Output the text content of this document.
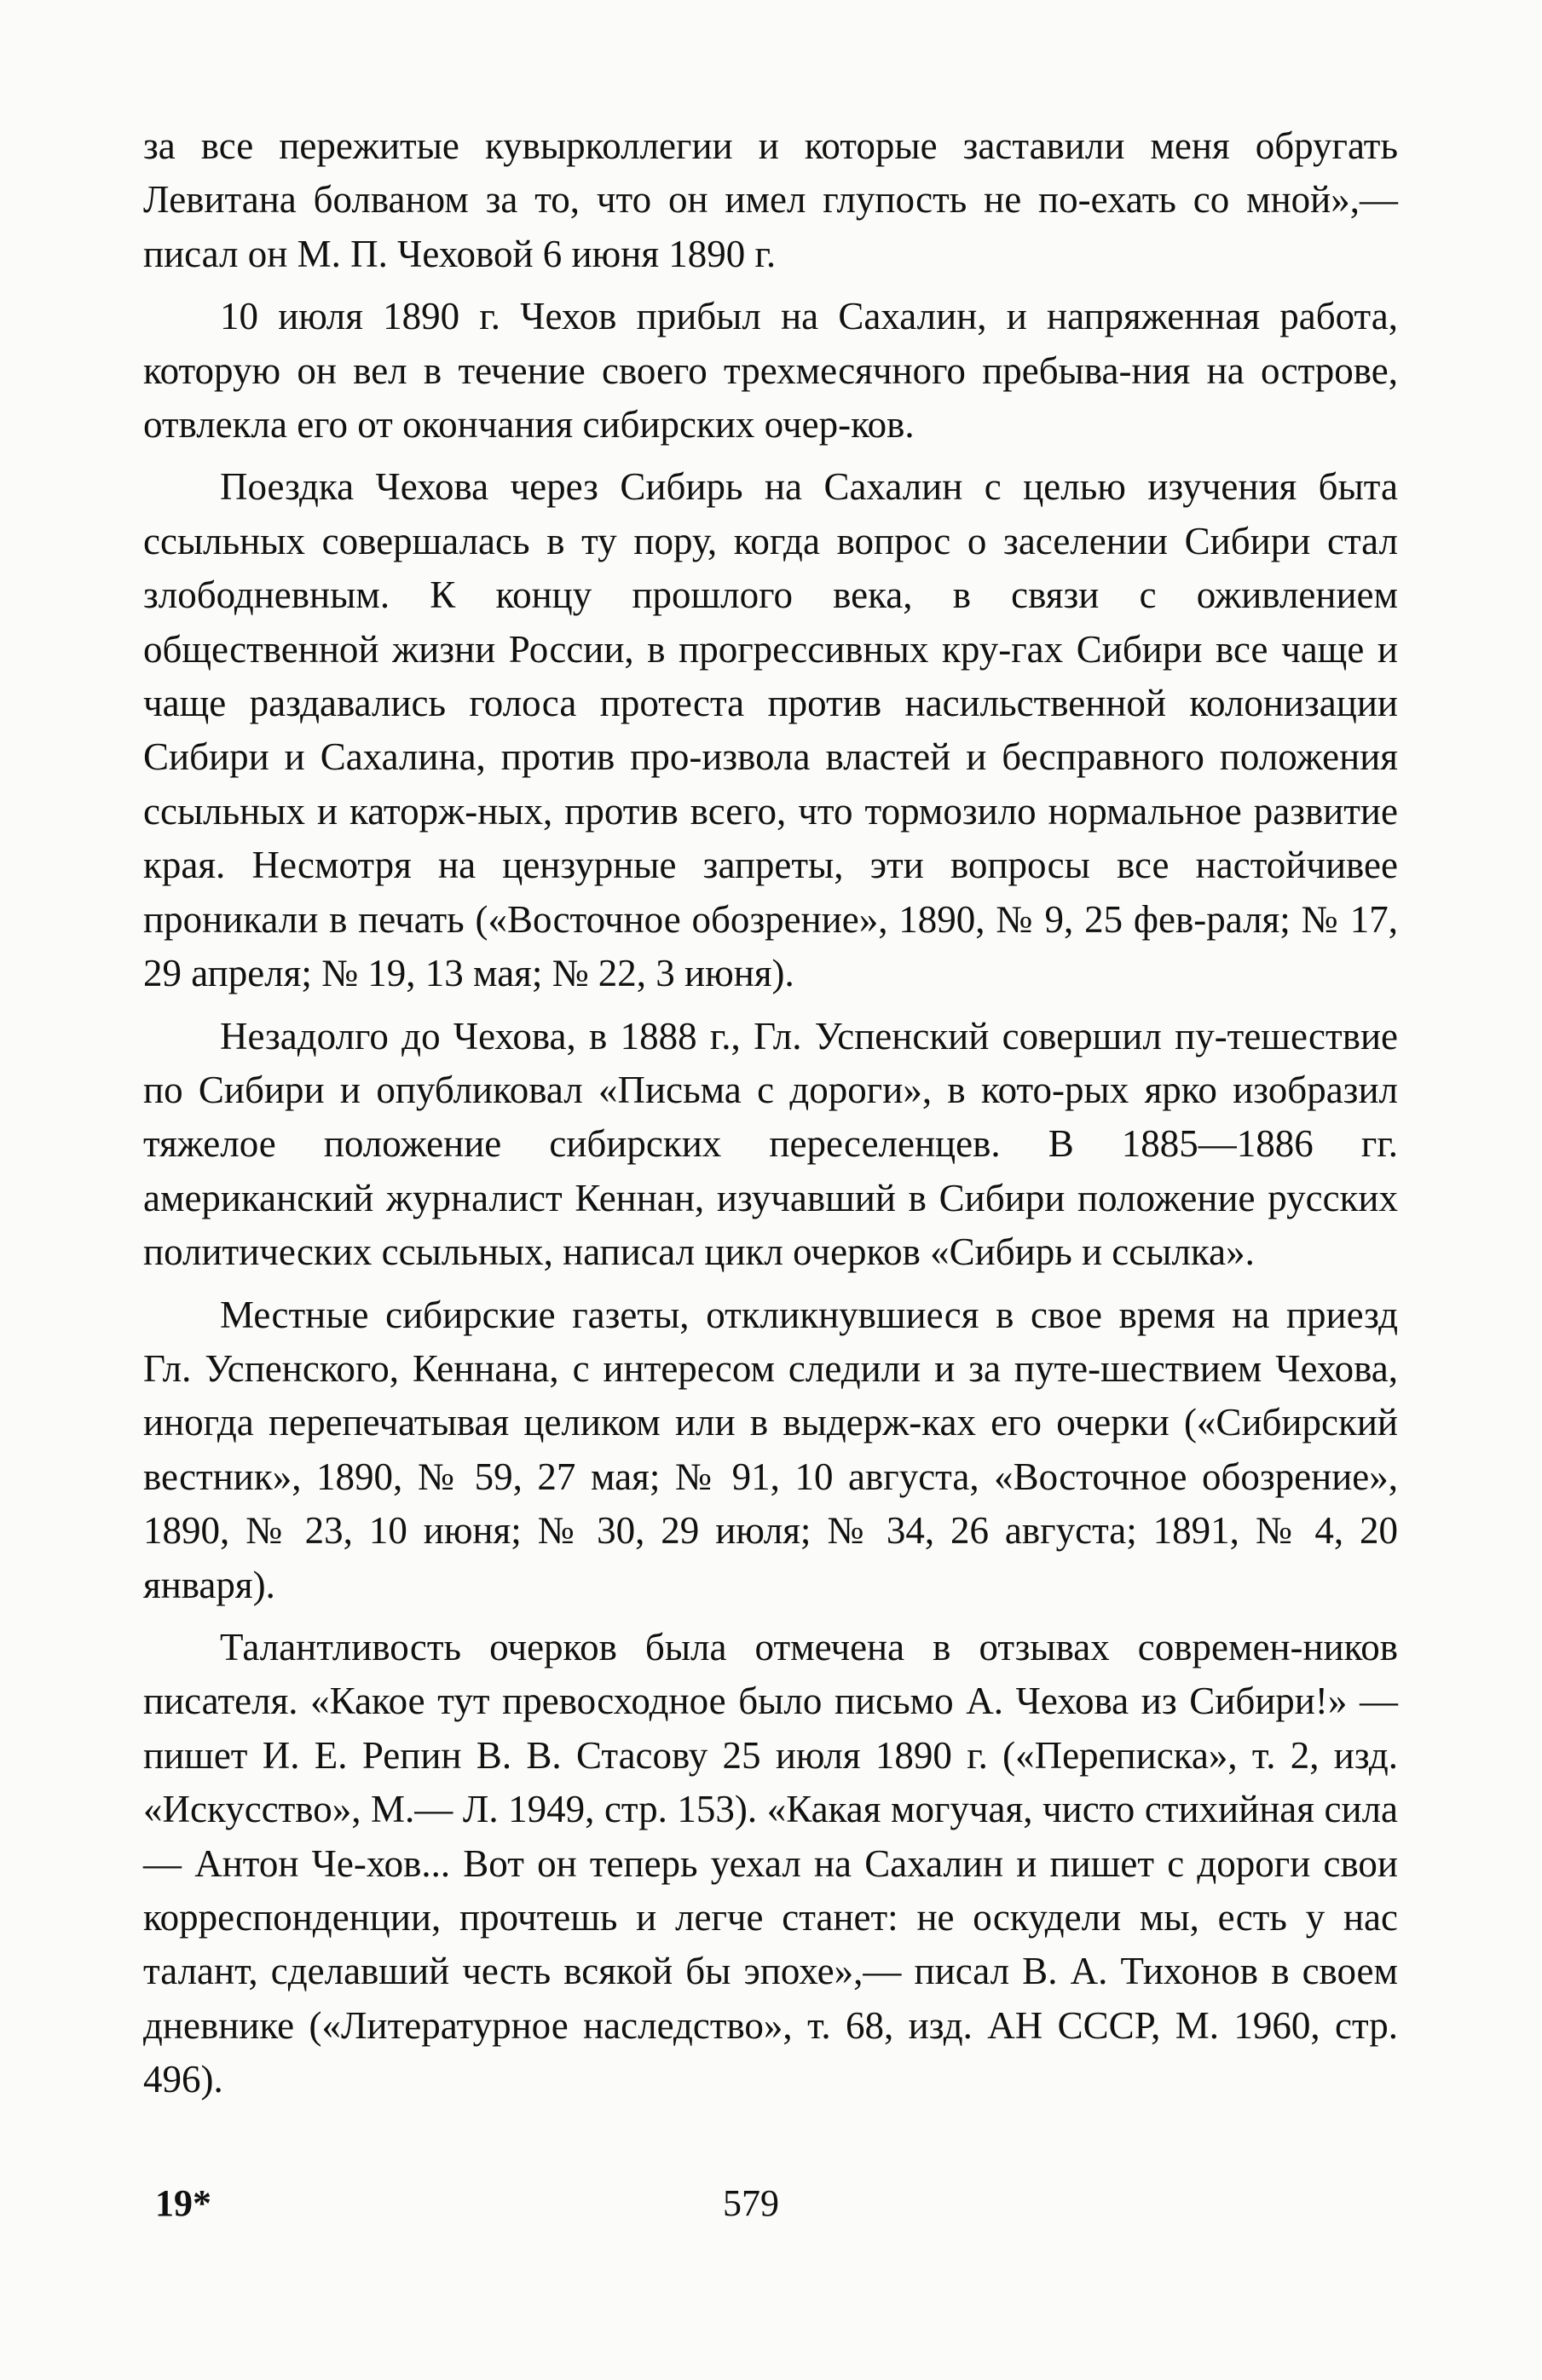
за все пережитые кувырколлегии и которые заставили меня обругать Левитана болваном за то, что он имел глупость не по-ехать со мной»,— писал он М. П. Чеховой 6 июня 1890 г.

10 июля 1890 г. Чехов прибыл на Сахалин, и напряженная работа, которую он вел в течение своего трехмесячного пребыва-ния на острове, отвлекла его от окончания сибирских очер-ков.

Поездка Чехова через Сибирь на Сахалин с целью изучения быта ссыльных совершалась в ту пору, когда вопрос о заселении Сибири стал злободневным. К концу прошлого века, в связи с оживлением общественной жизни России, в прогрессивных кру-гах Сибири все чаще и чаще раздавались голоса протеста против насильственной колонизации Сибири и Сахалина, против про-извола властей и бесправного положения ссыльных и каторж-ных, против всего, что тормозило нормальное развитие края. Несмотря на цензурные запреты, эти вопросы все настойчивее проникали в печать («Восточное обозрение», 1890, № 9, 25 фев-раля; № 17, 29 апреля; № 19, 13 мая; № 22, 3 июня).

Незадолго до Чехова, в 1888 г., Гл. Успенский совершил пу-тешествие по Сибири и опубликовал «Письма с дороги», в кото-рых ярко изобразил тяжелое положение сибирских переселенцев. В 1885—1886 гг. американский журналист Кеннан, изучавший в Сибири положение русских политических ссыльных, написал цикл очерков «Сибирь и ссылка».

Местные сибирские газеты, откликнувшиеся в свое время на приезд Гл. Успенского, Кеннана, с интересом следили и за путе-шествием Чехова, иногда перепечатывая целиком или в выдерж-ках его очерки («Сибирский вестник», 1890, № 59, 27 мая; № 91, 10 августа, «Восточное обозрение», 1890, № 23, 10 июня; № 30, 29 июля; № 34, 26 августа; 1891, № 4, 20 января).

Талантливость очерков была отмечена в отзывах современ-ников писателя. «Какое тут превосходное было письмо А. Чехова из Сибири!» — пишет И. Е. Репин В. В. Стасову 25 июля 1890 г. («Переписка», т. 2, изд. «Искусство», М.— Л. 1949, стр. 153). «Какая могучая, чисто стихийная сила — Антон Че-хов... Вот он теперь уехал на Сахалин и пишет с дороги свои корреспонденции, прочтешь и легче станет: не оскудели мы, есть у нас талант, сделавший честь всякой бы эпохе»,— писал В. А. Тихонов в своем дневнике («Литературное наследство», т. 68, изд. АН СССР, М. 1960, стр. 496).

19*	579
